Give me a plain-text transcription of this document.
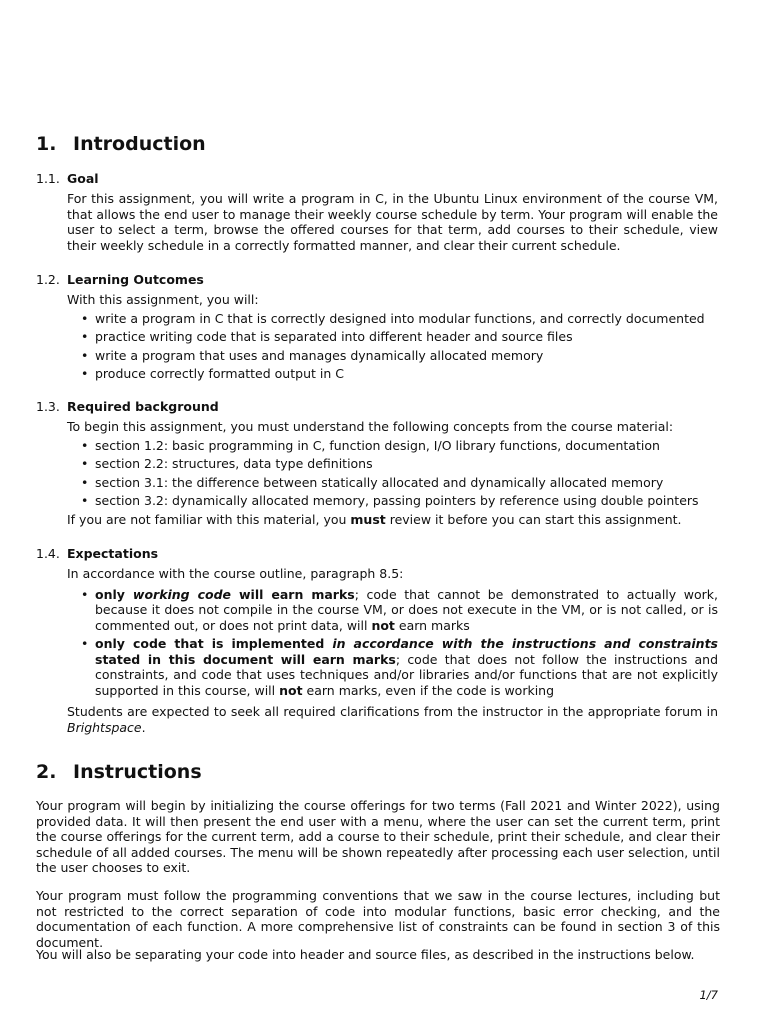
1. Introduction
1.1. Goal
For this assignment, you will write a program in C, in the Ubuntu Linux environment of the course VM, that allows the end user to manage their weekly course schedule by term. Your program will enable the user to select a term, browse the offered courses for that term, add courses to their schedule, view their weekly schedule in a correctly formatted manner, and clear their current schedule.
1.2. Learning Outcomes

With this assignment, you will:

• write a program in C that is correctly designed into modular functions, and correctly documented
• practice writing code that is separated into different header and source files
• write a program that uses and manages dynamically allocated memory
• produce correctly formatted output in C
1.3. Required background

To begin this assignment, you must understand the following concepts from the course material:

• section 1.2: basic programming in C, function design, I/O library functions, documentation
• section 2.2: structures, data type definitions
• section 3.1: the difference between statically allocated and dynamically allocated memory
• section 3.2: dynamically allocated memory, passing pointers by reference using double pointers

If you are not familiar with this material, you must review it before you can start this assignment.

1.4. Expectations

In accordance with the course outline, paragraph 8.5:

• only working code will earn marks; code that cannot be demonstrated to actually work, because it does not compile in the course VM, or does not execute in the VM, or is not called, or is commented out, or does not print data, will not earn marks
• only code that is implemented in accordance with the instructions and constraints stated in this document will earn marks; code that does not follow the instructions and constraints, and code that uses techniques and/or libraries and/or functions that are not explicitly supported in this course, will not earn marks, even if the code is working

Students are expected to seek all required clarifications from the instructor in the appropriate forum in Brightspace.

2. Instructions

Your program will begin by initializing the course offerings for two terms (Fall 2021 and Winter 2022), using provided data. It will then present the end user with a menu, where the user can set the current term, print the course offerings for the current term, add a course to their schedule, print their schedule, and clear their schedule of all added courses. The menu will be shown repeatedly after processing each user selection, until the user chooses to exit.

Your program must follow the programming conventions that we saw in the course lectures, including but not restricted to the correct separation of code into modular functions, basic error checking, and the documentation of each function. A more comprehensive list of constraints can be found in section 3 of this document.

You will also be separating your code into header and source files, as described in the instructions below.

1/7
